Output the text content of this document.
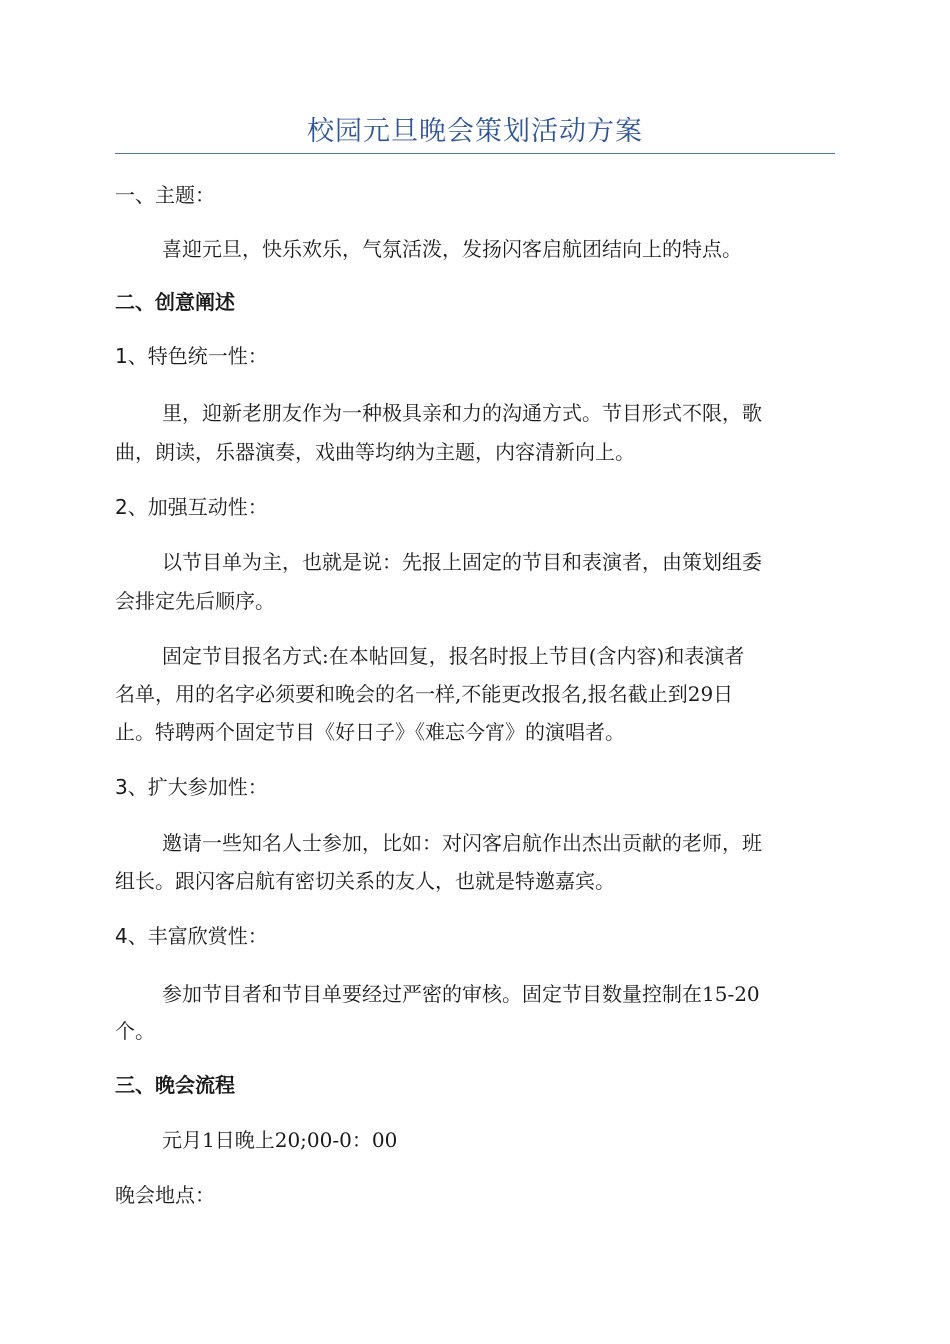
校园元旦晚会策划活动方案
一、主题：
喜迎元旦，快乐欢乐，气氛活泼，发扬闪客启航团结向上的特点。
二、创意阐述
1、特色统一性：
里，迎新老朋友作为一种极具亲和力的沟通方式。节目形式不限，歌
曲，朗读，乐器演奏，戏曲等均纳为主题，内容清新向上。
2、加强互动性：
以节目单为主，也就是说：先报上固定的节目和表演者，由策划组委
会排定先后顺序。
固定节目报名方式:在本帖回复，报名时报上节目(含内容)和表演者
名单，用的名字必须要和晚会的名一样,不能更改报名,报名截止到29日
止。特聘两个固定节目《好日子》《难忘今宵》的演唱者。
3、扩大参加性：
邀请一些知名人士参加，比如：对闪客启航作出杰出贡献的老师，班
组长。跟闪客启航有密切关系的友人，也就是特邀嘉宾。
4、丰富欣赏性：
参加节目者和节目单要经过严密的审核。固定节目数量控制在15-20
个。
三、晚会流程
元月1日晚上20;00-0：00
晚会地点：
